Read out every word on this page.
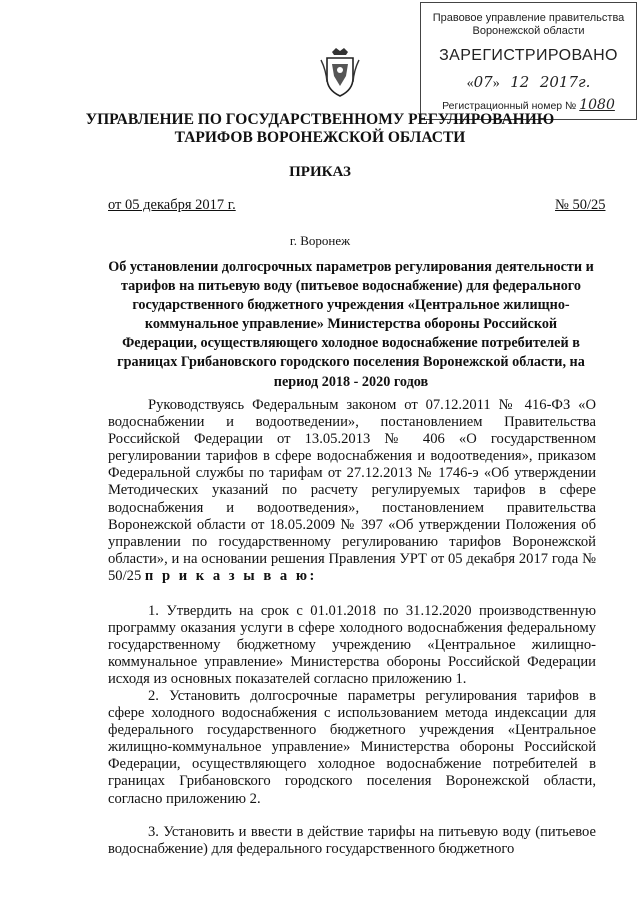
Правовое управление правительства
Воронежской области
ЗАРЕГИСТРИРОВАНО
«07» 12 2017г.
Регистрационный номер № 1080
УПРАВЛЕНИЕ ПО ГОСУДАРСТВЕННОМУ РЕГУЛИРОВАНИЮ
ТАРИФОВ ВОРОНЕЖСКОЙ ОБЛАСТИ
ПРИКАЗ
от 05 декабря 2017 г.	№ 50/25
г. Воронеж
Об установлении долгосрочных параметров регулирования деятельности и тарифов на питьевую воду (питьевое водоснабжение) для федерального государственного бюджетного учреждения «Центральное жилищно-коммунальное управление» Министерства обороны Российской Федерации, осуществляющего холодное водоснабжение потребителей в границах Грибановского городского поселения Воронежской области, на период 2018 - 2020 годов
Руководствуясь Федеральным законом от 07.12.2011 № 416-ФЗ «О водоснабжении и водоотведении», постановлением Правительства Российской Федерации от 13.05.2013 № 406 «О государственном регулировании тарифов в сфере водоснабжения и водоотведения», приказом Федеральной службы по тарифам от 27.12.2013 № 1746-э «Об утверждении Методических указаний по расчету регулируемых тарифов в сфере водоснабжения и водоотведения», постановлением правительства Воронежской области от 18.05.2009 № 397 «Об утверждении Положения об управлении по государственному регулированию тарифов Воронежской области», и на основании решения Правления УРТ от 05 декабря 2017 года № 50/25 п р и к а з ы в а ю:
1. Утвердить на срок с 01.01.2018 по 31.12.2020 производственную программу оказания услуги в сфере холодного водоснабжения федеральному государственному бюджетному учреждению «Центральное жилищно-коммунальное управление» Министерства обороны Российской Федерации исходя из основных показателей согласно приложению 1.
2. Установить долгосрочные параметры регулирования тарифов в сфере холодного водоснабжения с использованием метода индексации для федерального государственного бюджетного учреждения «Центральное жилищно-коммунальное управление» Министерства обороны Российской Федерации, осуществляющего холодное водоснабжение потребителей в границах Грибановского городского поселения Воронежской области, согласно приложению 2.
3. Установить и ввести в действие тарифы на питьевую воду (питьевое водоснабжение) для федерального государственного бюджетного
